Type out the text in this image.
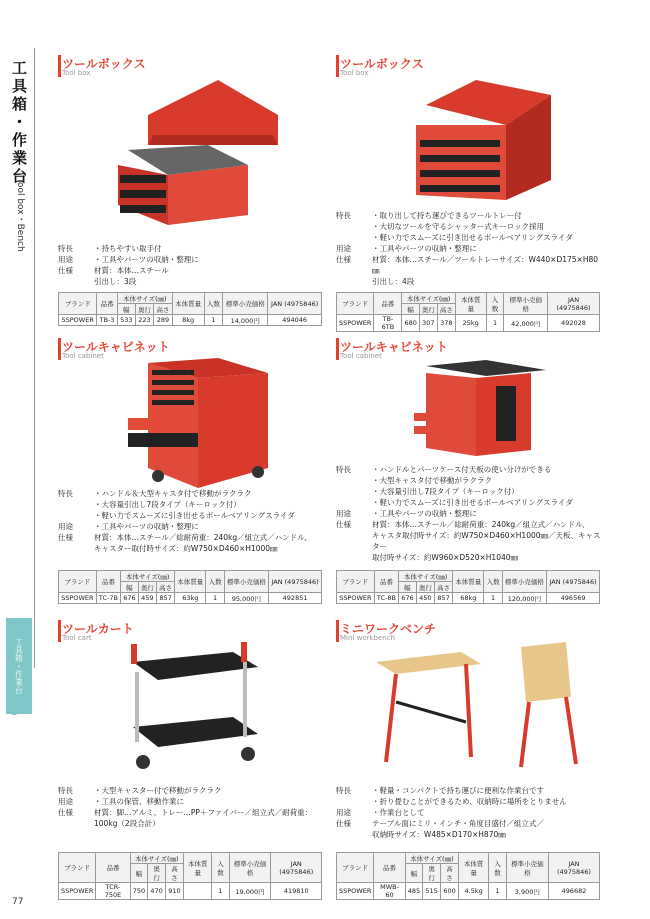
工具箱・作業台
Tool box・Bench
工具箱・作業台
1
77
ツールボックス
Tool box
特長	・持ちやすい取手付
用途	・工具やパーツの収納・整理に
仕様	材質：本体…スチール
引出し：3段
ブランド	品番	本体サイズ(㎜)			本体質量	入数	標準小売価格	JAN (4975846)
		幅	奥行	高さ				
SSPOWER	TB-3	533	223	289	8kg	1	14,000円	494046
ツールボックス
Tool box
特長	・取り出して持ち運びできるツールトレー付
・大切なツールを守るシャッター式キーロック採用
・軽い力でスムーズに引き出せるボールベアリングスライダ
用途	・工具やパーツの収納・整理に
仕様	材質：本体…スチール／ツールトレーサイズ：W440×D175×H80㎜
引出し：4段
ブランド	品番	本体サイズ(㎜)			本体質量	入数	標準小売価格	JAN (4975846)
		幅	奥行	高さ				
SSPOWER	TB-6TB	680	307	378	25kg	1	42,000円	492028
ツールキャビネット
Tool cabinet
特長	・ハンドル＆大型キャスタ付で移動がラクラク
・大容量引出し7段タイプ（キーロック付）
・軽い力でスムーズに引き出せるボールベアリングスライダ
用途	・工具やパーツの収納・整理に
仕様	材質：本体…スチール／総耐荷重：240kg／組立式／ハンドル、
キャスター取付時サイズ：約W750×D460×H1000㎜
ブランド	品番	本体サイズ(㎜)			本体質量	入数	標準小売価格	JAN (4975846)
		幅	奥行	高さ				
SSPOWER	TC-7B	676	459	857	63kg	1	95,000円	492851
ツールキャビネット
Tool cabinet
特長	・ハンドルとパーツケース付天板の使い分けができる
・大型キャスタ付で移動がラクラク
・大容量引出し7段タイプ（キーロック付）
・軽い力でスムーズに引き出せるボールベアリングスライダ
用途	・工具やパーツの収納・整理に
仕様	材質：本体…スチール／総耐荷重：240kg／組立式／ハンドル、
キャスタ取付時サイズ：約W750×D460×H1000㎜／天板、キャスター
取付時サイズ：約W960×D520×H1040㎜
ブランド	品番	本体サイズ(㎜)			本体質量	入数	標準小売価格	JAN (4975846)
		幅	奥行	高さ				
SSPOWER	TC-8B	676	450	857	68kg	1	120,000円	496569
ツールカート
Tool cart
特長	・大型キャスター付で移動がラクラク
用途	・工具の保管、移動作業に
仕様	材質：脚…アルミ、トレー…PP＋ファイバー／組立式／耐荷重：
100kg（2段合計）
ブランド	品番	本体サイズ(㎜)			本体質量	入数	標準小売価格	JAN (4975846)
		幅	奥行	高さ				
SSPOWER	TCR-750E	750	470	910		1	19,000円	419810
ミニワークベンチ
Mini workbench
特長	・軽量・コンパクトで持ち運びに便利な作業台です
・折り畳むことができるため、収納時に場所をとりません
用途	・作業台として
仕様	テーブル面にミリ・インチ・角度目盛付／組立式／
収納時サイズ：W485×D170×H870㎜
ブランド	品番	本体サイズ(㎜)			本体質量	入数	標準小売価格	JAN (4975846)
		幅	奥行	高さ				
SSPOWER	MWB-60	485	515	600	4.5kg	1	3,900円	496682
